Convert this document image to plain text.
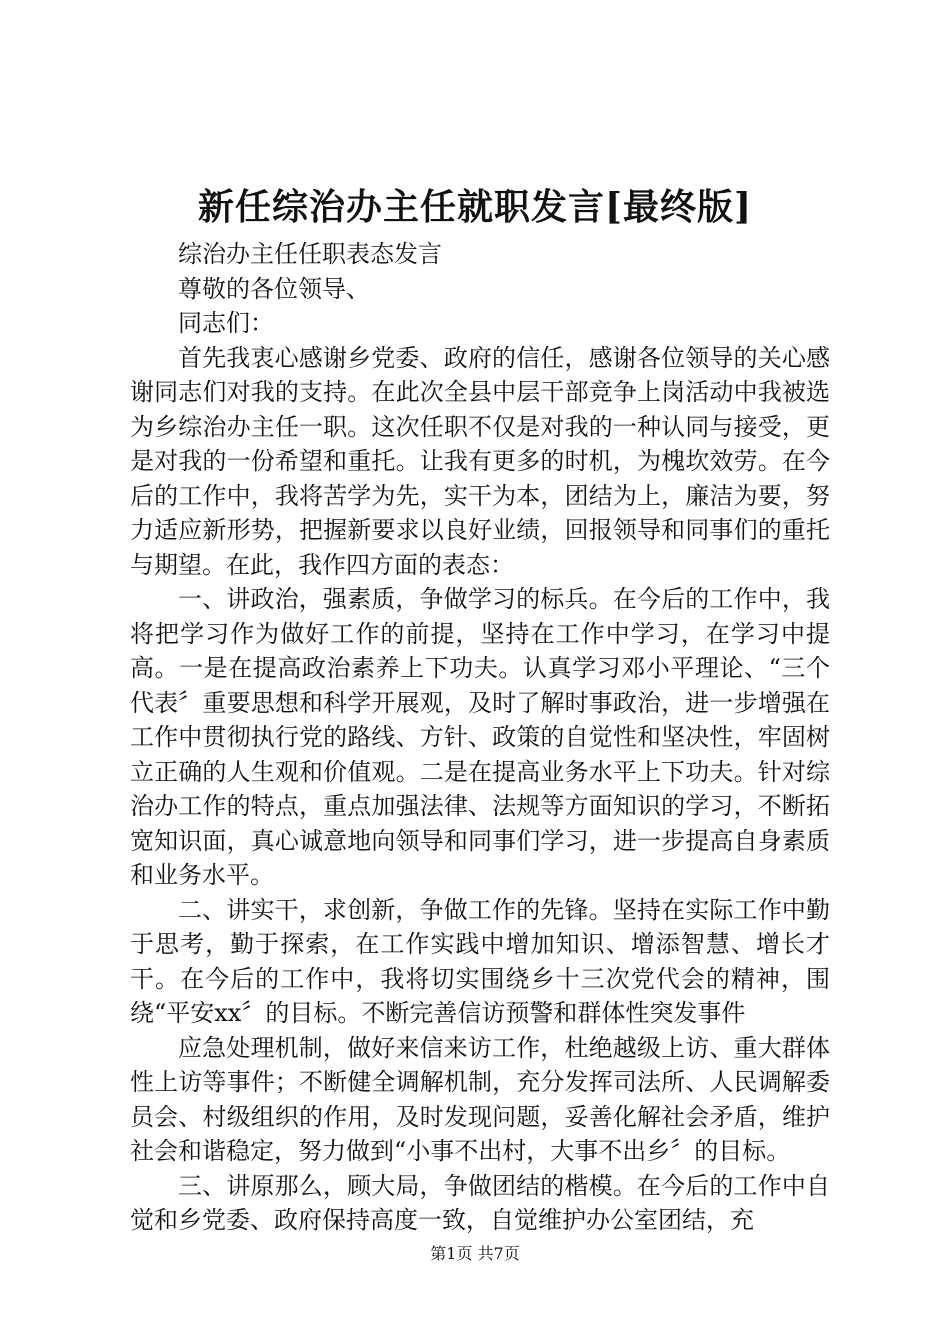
新任综治办主任就职发言[最终版]

综治办主任任职表态发言

尊敬的各位领导、

同志们：

首先我衷心感谢乡党委、政府的信任，感谢各位领导的关心感谢同志们对我的支持。在此次全县中层干部竞争上岗活动中我被选为乡综治办主任一职。这次任职不仅是对我的一种认同与接受，更是对我的一份希望和重托。让我有更多的时机，为槐坎效劳。在今后的工作中，我将苦学为先，实干为本，团结为上，廉洁为要，努力适应新形势，把握新要求以良好业绩，回报领导和同事们的重托与期望。在此，我作四方面的表态：

一、讲政治，强素质，争做学习的标兵。在今后的工作中，我将把学习作为做好工作的前提，坚持在工作中学习，在学习中提高。一是在提高政治素养上下功夫。认真学习邓小平理论、“三个代表〞重要思想和科学开展观，及时了解时事政治，进一步增强在工作中贯彻执行党的路线、方针、政策的自觉性和坚决性，牢固树立正确的人生观和价值观。二是在提高业务水平上下功夫。针对综治办工作的特点，重点加强法律、法规等方面知识的学习，不断拓宽知识面，真心诚意地向领导和同事们学习，进一步提高自身素质和业务水平。

二、讲实干，求创新，争做工作的先锋。坚持在实际工作中勤于思考，勤于探索，在工作实践中增加知识、增添智慧、增长才干。在今后的工作中，我将切实围绕乡十三次党代会的精神，围绕“平安xx〞的目标。不断完善信访预警和群体性突发事件

应急处理机制，做好来信来访工作，杜绝越级上访、重大群体性上访等事件；不断健全调解机制，充分发挥司法所、人民调解委员会、村级组织的作用，及时发现问题，妥善化解社会矛盾，维护社会和谐稳定，努力做到“小事不出村，大事不出乡〞的目标。

三、讲原那么，顾大局，争做团结的楷模。在今后的工作中自觉和乡党委、政府保持高度一致，自觉维护办公室团结，充

第1页 共7页
